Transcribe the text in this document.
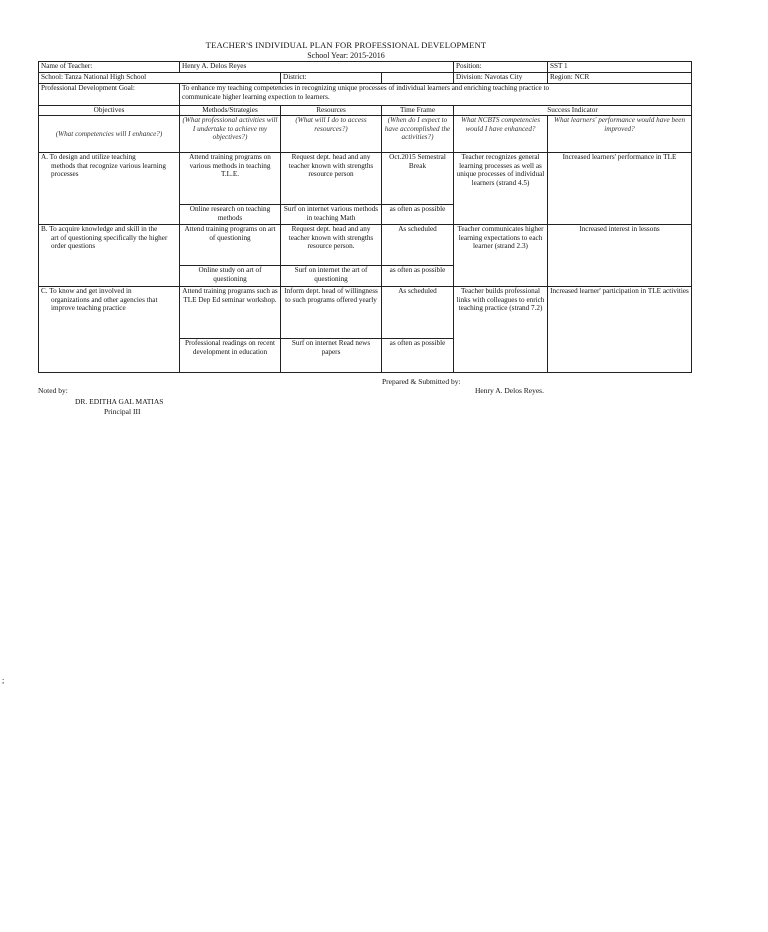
TEACHER'S INDIVIDUAL PLAN FOR PROFESSIONAL DEVELOPMENT
School Year: 2015-2016
Name of Teacher:	Henry A. Delos Reyes			Position:	SST 1
School: Tanza National High School		District:		Division: Navotas City	Region: NCR
Professional Development Goal:	To enhance my teaching competencies in recognizing unique processes of individual learners and enriching teaching practice to
communicate higher learning expection to learners.				

Objectives	Methods/Strategies	Resources	Time Frame	Success Indicator	
(What competencies will I enhance?)	(What professional activities will I undertake to achieve my objectives?)	(What will I do to access resources?)	(When do I expect to have accomplished the activities?)	What NCBTS competencies would I have enhanced?	What learners' performance would have been improved?
A. To design and utilize teaching
methods that recognize various learning processes	Attend training programs on various methods in teaching T.L.E.	Request dept. head and any teacher known with strengths resource person	Oct.2015 Semestral Break	Teacher recognizes general learning processes as well as unique processes of individual learners (strand 4.5)	Increased learners' performance in TLE
	Online research on teaching methods	Surf on internet various methods in teaching Math	as often as possible		
B. To acquire knowledge and skill in the
art of questioning specifically the higher order questions	Attend training programs on art of questioning	Request dept. head and any teacher known with strengths resource person.	As scheduled	Teacher communicates higher learning expectations to each learner (strand 2.3)	Increased interest in lessons
	Online study on art of questioning	Surf on internet the art of questioning	as often as possible		
C. To know and get involved in
organizations and other agencies that improve teaching practice	Attend training programs such as TLE Dep Ed seminar workshop.	Inform dept. head of willingness to such programs offered yearly	As scheduled	Teacher builds professional links with colleagues to enrich teaching practice (strand 7.2)	Increased learner' participation in TLE activities
	Professional readings on recent development in education	Surf on internet Read news papers	as often as possible		
Prepared & Submitted by:
Henry A. Delos Reyes.
Noted by:
DR. EDITHA GAL MATIAS
Principal III
;
